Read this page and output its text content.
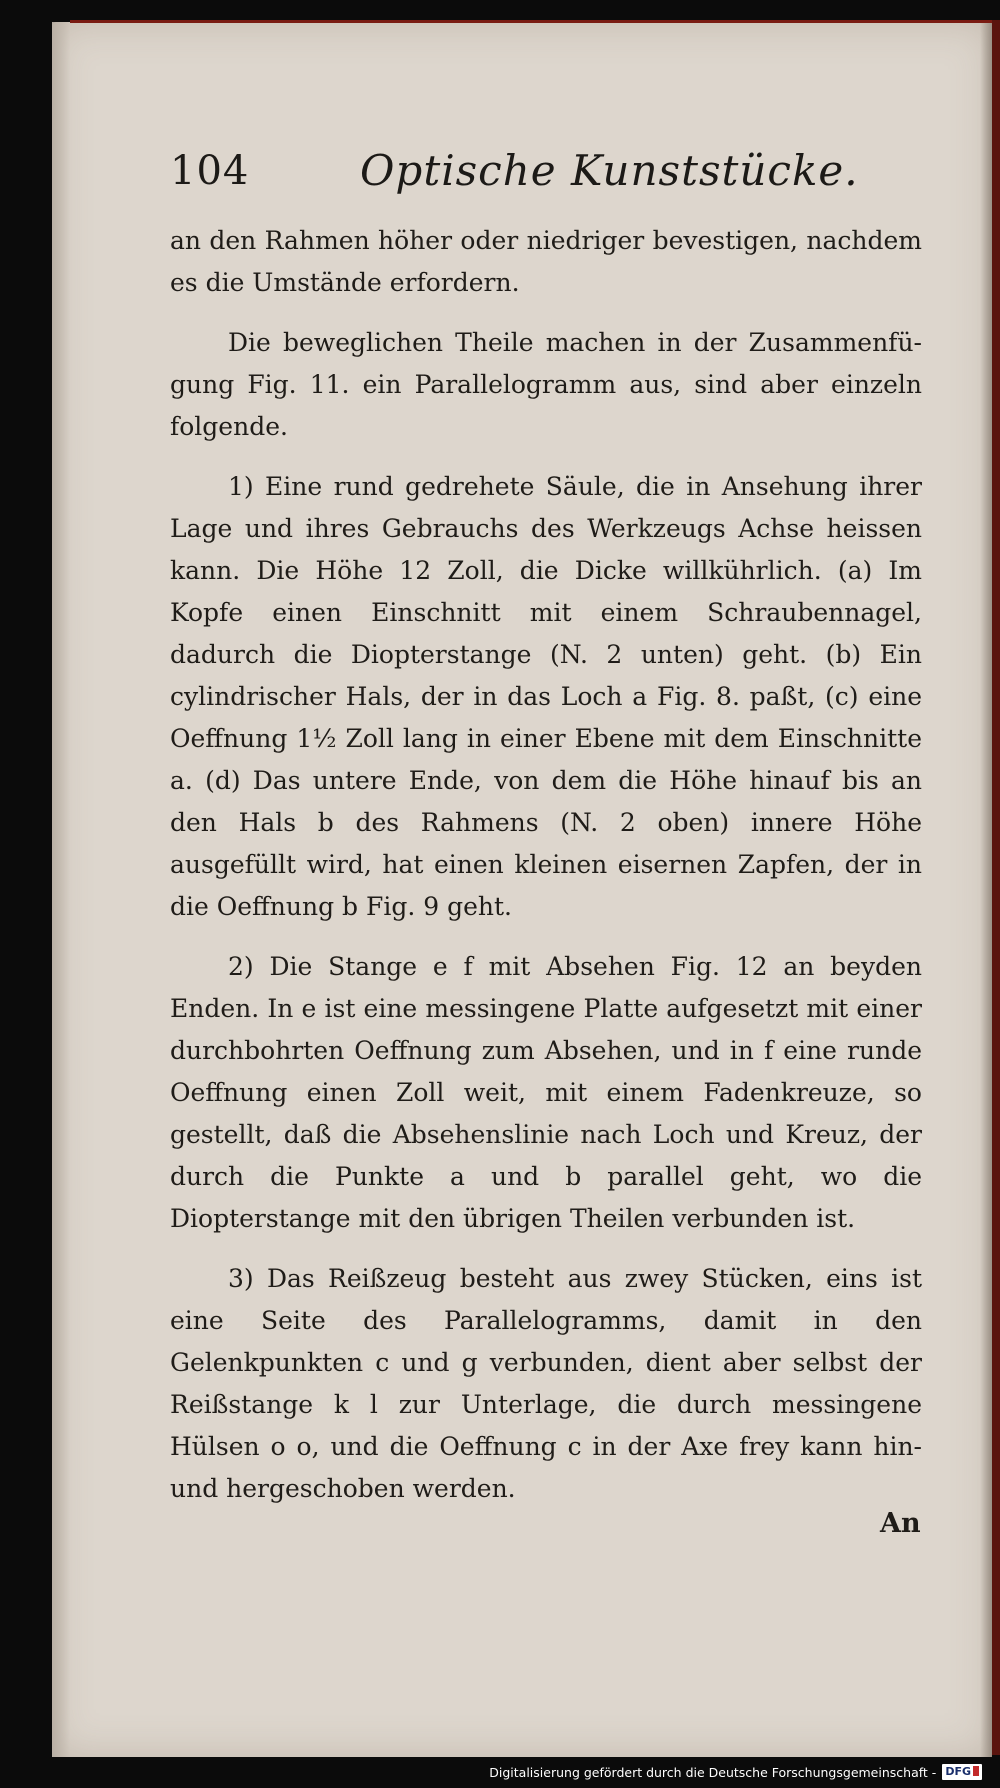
104	Optische Kunststücke.

an den Rahmen höher oder niedriger bevestigen, nachdem es die Umstände erfordern.

Die beweglichen Theile machen in der Zusammenfügung Fig. 11. ein Parallelogramm aus, sind aber einzeln folgende.

1) Eine rund gedrehete Säule, die in Ansehung ihrer Lage und ihres Gebrauchs des Werkzeugs Achse heissen kann. Die Höhe 12 Zoll, die Dicke willkührlich. (a) Im Kopfe einen Einschnitt mit einem Schraubennagel, dadurch die Diopterstange (N. 2 unten) geht. (b) Ein cylindrischer Hals, der in das Loch a Fig. 8. paßt, (c) eine Oeffnung 1½ Zoll lang in einer Ebene mit dem Einschnitte a. (d) Das untere Ende, von dem die Höhe hinauf bis an den Hals b des Rahmens (N. 2 oben) innere Höhe ausgefüllt wird, hat einen kleinen eisernen Zapfen, der in die Oeffnung b Fig. 9 geht.

2) Die Stange e f mit Absehen Fig. 12 an beyden Enden. In e ist eine messingene Platte aufgesetzt mit einer durchbohrten Oeffnung zum Absehen, und in f eine runde Oeffnung einen Zoll weit, mit einem Fadenkreuze, so gestellt, daß die Absehenslinie nach Loch und Kreuz, der durch die Punkte a und b parallel geht, wo die Diopterstange mit den übrigen Theilen verbunden ist.

3) Das Reißzeug besteht aus zwey Stücken, eins ist eine Seite des Parallelogramms, damit in den Gelenkpunkten c und g verbunden, dient aber selbst der Reißstange k l zur Unterlage, die durch messingene Hülsen o o, und die Oeffnung c in der Axe frey kann hin- und hergeschoben werden.

An
Digitalisierung gefördert durch die Deutsche Forschungsgemeinschaft - DFG
